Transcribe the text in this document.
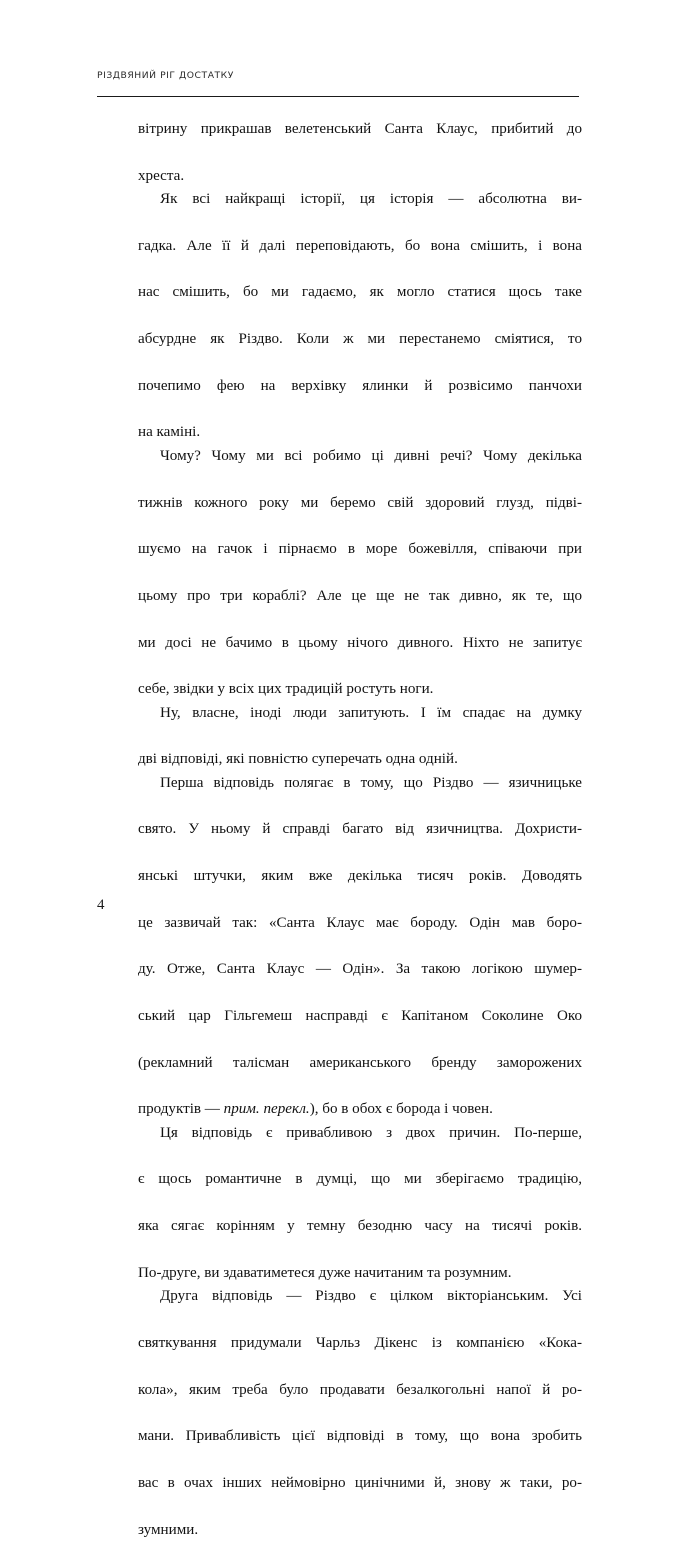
РІЗДВЯНИЙ РІГ ДОСТАТКУ

вітрину прикрашав велетенський Санта Клаус, прибитий до
хреста.

Як всі найкращі історії, ця історія — абсолютна ви-
гадка. Але її й далі переповідають, бо вона смішить, і вона
нас смішить, бо ми гадаємо, як могло статися щось таке
абсурдне як Різдво. Коли ж ми перестанемо сміятися, то
почепимо фею на верхівку ялинки й розвісимо панчохи
на каміні.

Чому? Чому ми всі робимо ці дивні речі? Чому декілька
тижнів кожного року ми беремо свій здоровий глузд, підві-
шуємо на гачок і пірнаємо в море божевілля, співаючи при
цьому про три кораблі? Але це ще не так дивно, як те, що
ми досі не бачимо в цьому нічого дивного. Ніхто не запитує
себе, звідки у всіх цих традицій ростуть ноги.

Ну, власне, іноді люди запитують. І їм спадає на думку
дві відповіді, які повністю суперечать одна одній.

Перша відповідь полягає в тому, що Різдво — язичницьке
свято. У ньому й справді багато від язичництва. Дохристи-
янські штучки, яким вже декілька тисяч років. Доводять
це зазвичай так: «Санта Клаус має бороду. Одін мав боро-
ду. Отже, Санта Клаус — Одін». За такою логікою шумер-
ський цар Гільгемеш насправді є Капітаном Соколине Око
(рекламний талісман американського бренду заморожених
продуктів — прим. перекл.), бо в обох є борода і човен.

Ця відповідь є привабливою з двох причин. По-перше,
є щось романтичне в думці, що ми зберігаємо традицію,
яка сягає корінням у темну безодню часу на тисячі років.
По-друге, ви здаватиметеся дуже начитаним та розумним.

Друга відповідь — Різдво є цілком вікторіанським. Усі
святкування придумали Чарльз Дікенс із компанією «Кока-
кола», яким треба було продавати безалкогольні напої й ро-
мани. Привабливість цієї відповіді в тому, що вона зробить
вас в очах інших неймовірно цинічними й, знову ж таки, ро-
зумними.

4
